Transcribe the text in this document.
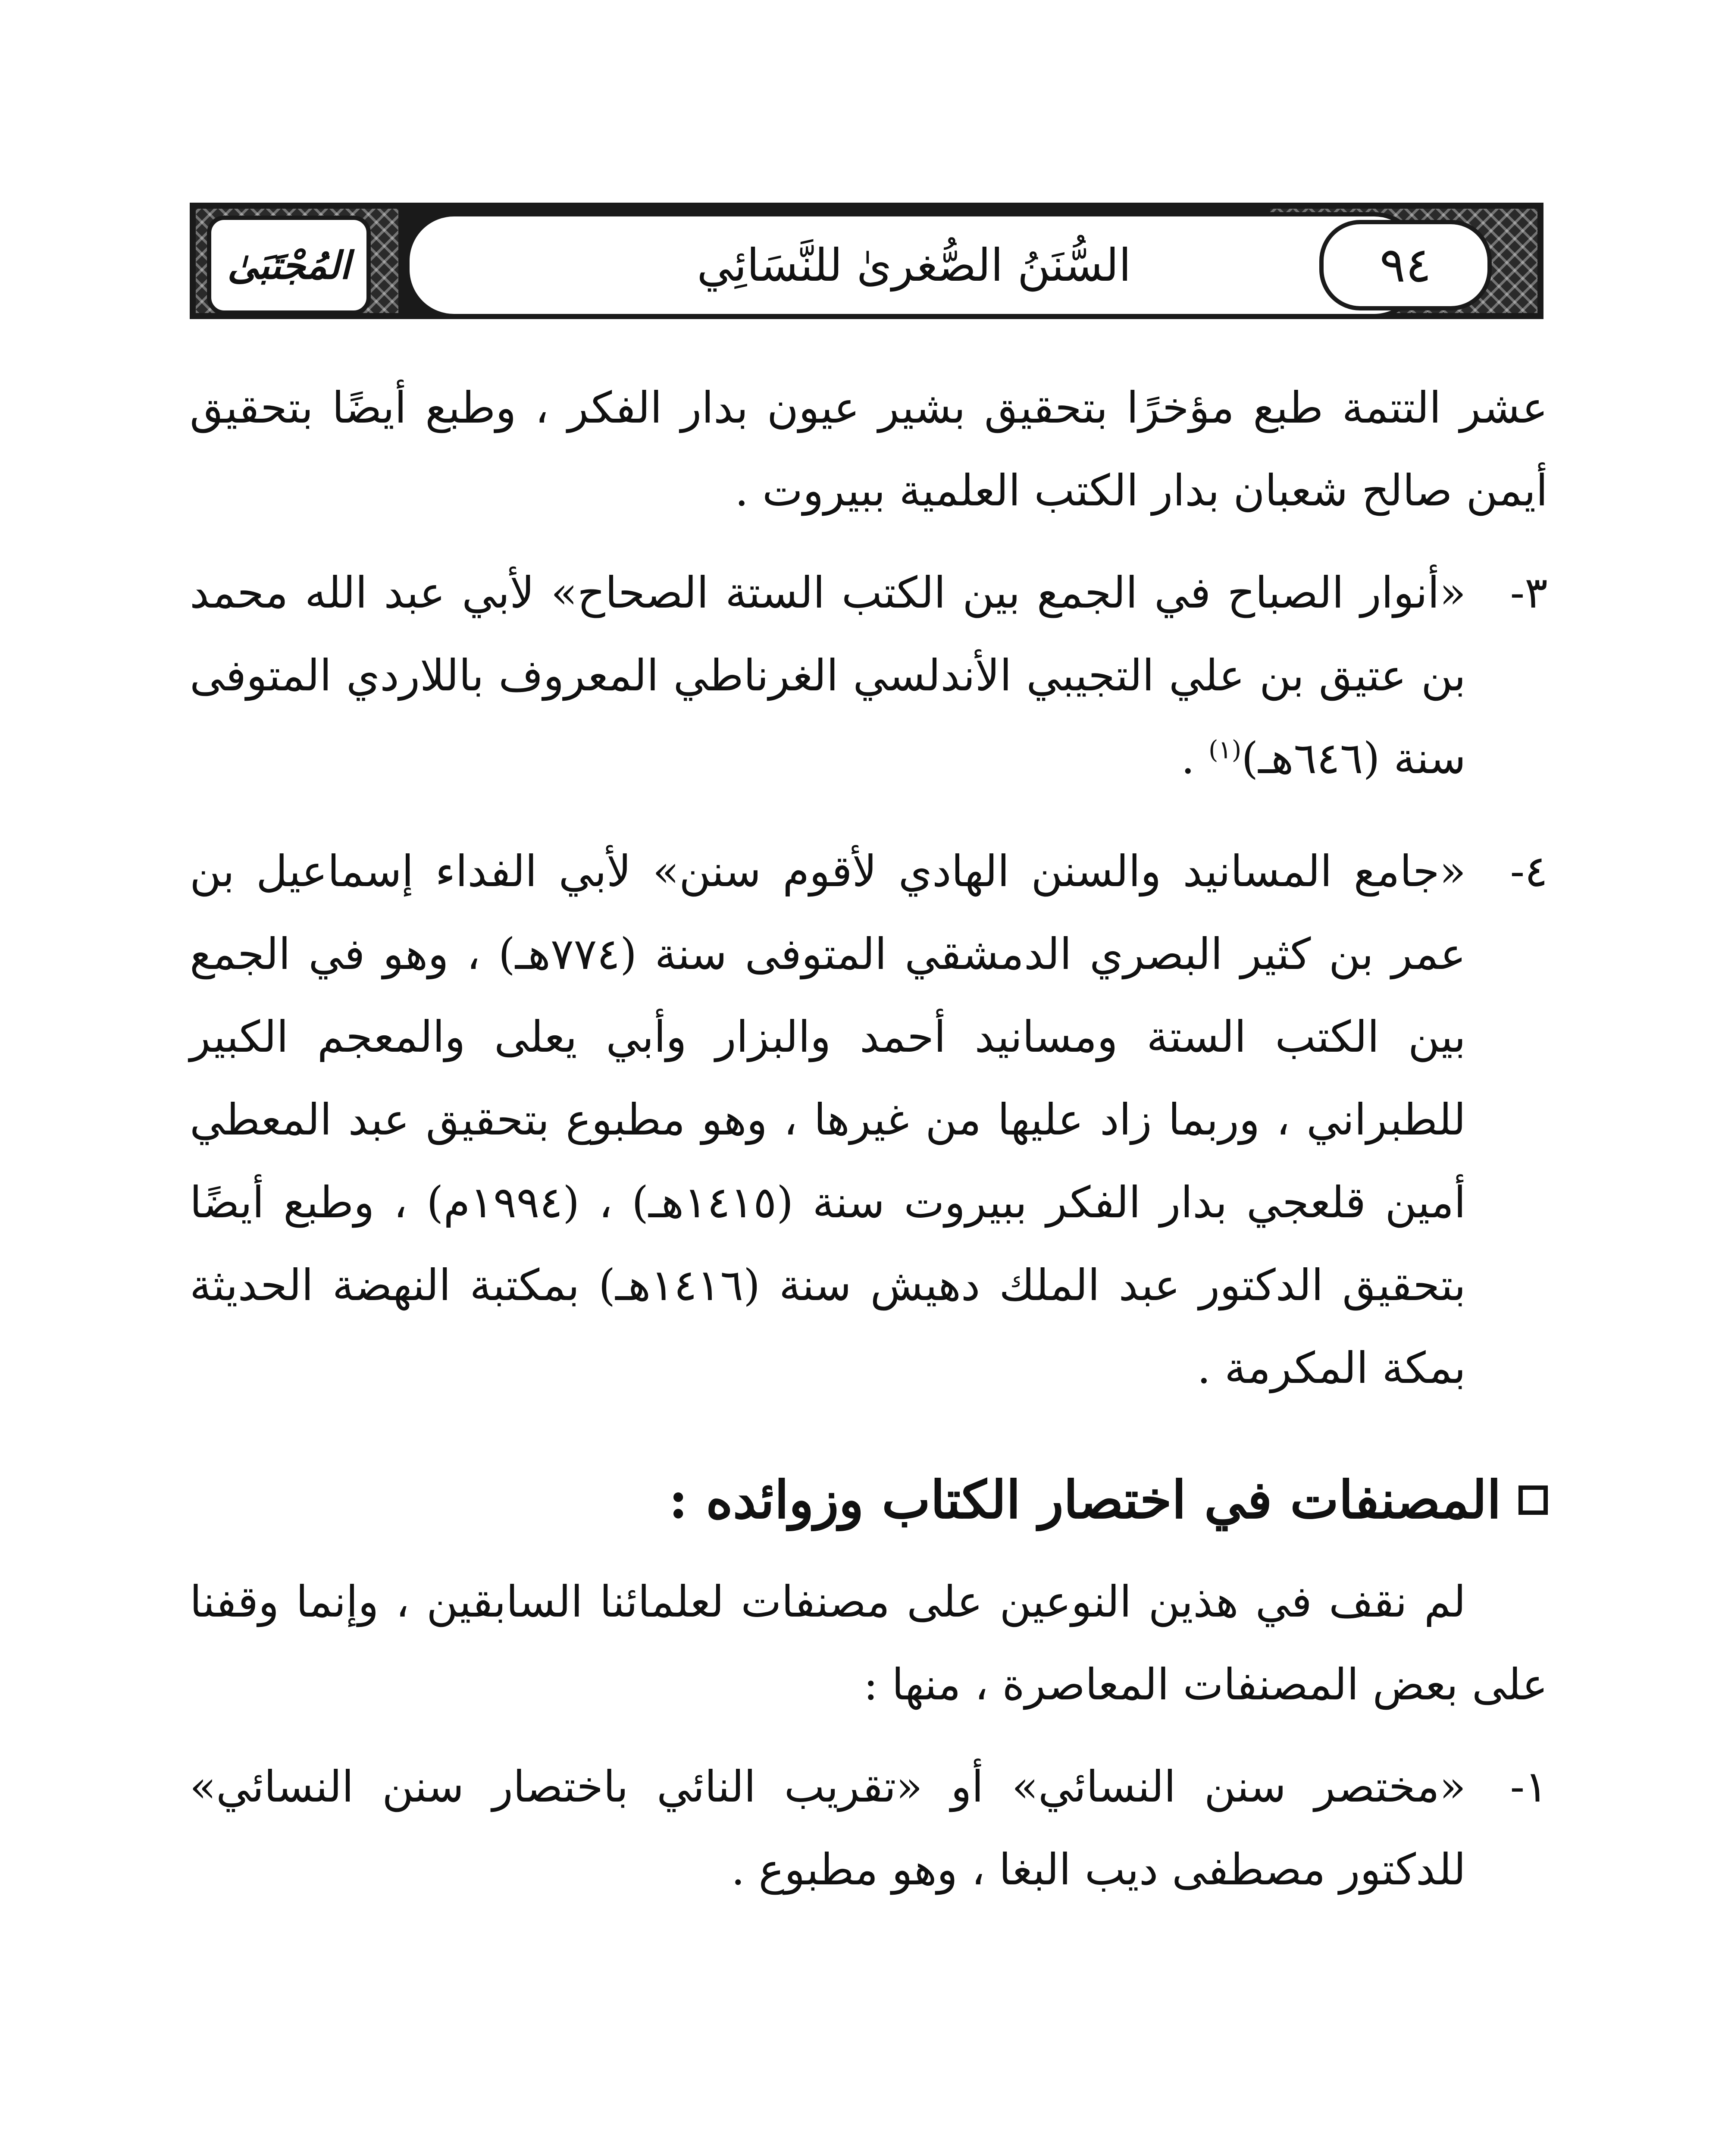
المُجْتَبَىٰ	السُّنَنُ الصُّغرىٰ للنَّسَائِي	٩٤

عشر التتمة طبع مؤخرًا بتحقيق بشير عيون بدار الفكر ، وطبع أيضًا بتحقيق أيمن صالح شعبان بدار الكتب العلمية ببيروت .

٣-
«أنوار الصباح في الجمع بين الكتب الستة الصحاح» لأبي عبد الله محمد بن عتيق بن علي التجيبي الأندلسي الغرناطي المعروف باللاردي المتوفى سنة (٦٤٦هـ)$^{(١)}$ .
٤-
«جامع المسانيد والسنن الهادي لأقوم سنن» لأبي الفداء إسماعيل بن عمر بن كثير البصري الدمشقي المتوفى سنة (٧٧٤هـ) ، وهو في الجمع بين الكتب الستة ومسانيد أحمد والبزار وأبي يعلى والمعجم الكبير للطبراني ، وربما زاد عليها من غيرها ، وهو مطبوع بتحقيق عبد المعطي أمين قلعجي بدار الفكر ببيروت سنة (١٤١٥هـ) ، (١٩٩٤م) ، وطبع أيضًا بتحقيق الدكتور عبد الملك دهيش سنة (١٤١٦هـ) بمكتبة النهضة الحديثة بمكة المكرمة .
المصنفات في اختصار الكتاب وزوائده :

لم نقف في هذين النوعين على مصنفات لعلمائنا السابقين ، وإنما وقفنا على بعض المصنفات المعاصرة ، منها :

١-
«مختصر سنن النسائي» أو «تقريب النائي باختصار سنن النسائي» للدكتور مصطفى ديب البغا ، وهو مطبوع .
